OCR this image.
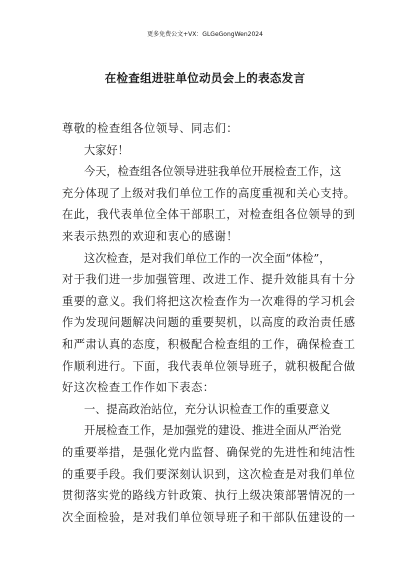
更多免费公文+VX：GLGeGongWen2024
在检查组进驻单位动员会上的表态发言
尊敬的检查组各位领导、同志们：
大家好！
今天，检查组各位领导进驻我单位开展检查工作，这
充分体现了上级对我们单位工作的高度重视和关心支持。
在此，我代表单位全体干部职工，对检查组各位领导的到
来表示热烈的欢迎和衷心的感谢！
这次检查，是对我们单位工作的一次全面“体检”，
对于我们进一步加强管理、改进工作、提升效能具有十分
重要的意义。我们将把这次检查作为一次难得的学习机会
作为发现问题解决问题的重要契机，以高度的政治责任感
和严肃认真的态度，积极配合检查组的工作，确保检查工
作顺利进行。下面，我代表单位领导班子，就积极配合做
好这次检查工作作如下表态：
一、提高政治站位，充分认识检查工作的重要意义
开展检查工作，是加强党的建设、推进全面从严治党
的重要举措，是强化党内监督、确保党的先进性和纯洁性
的重要手段。我们要深刻认识到，这次检查是对我们单位
贯彻落实党的路线方针政策、执行上级决策部署情况的一
次全面检验，是对我们单位领导班子和干部队伍建设的一
